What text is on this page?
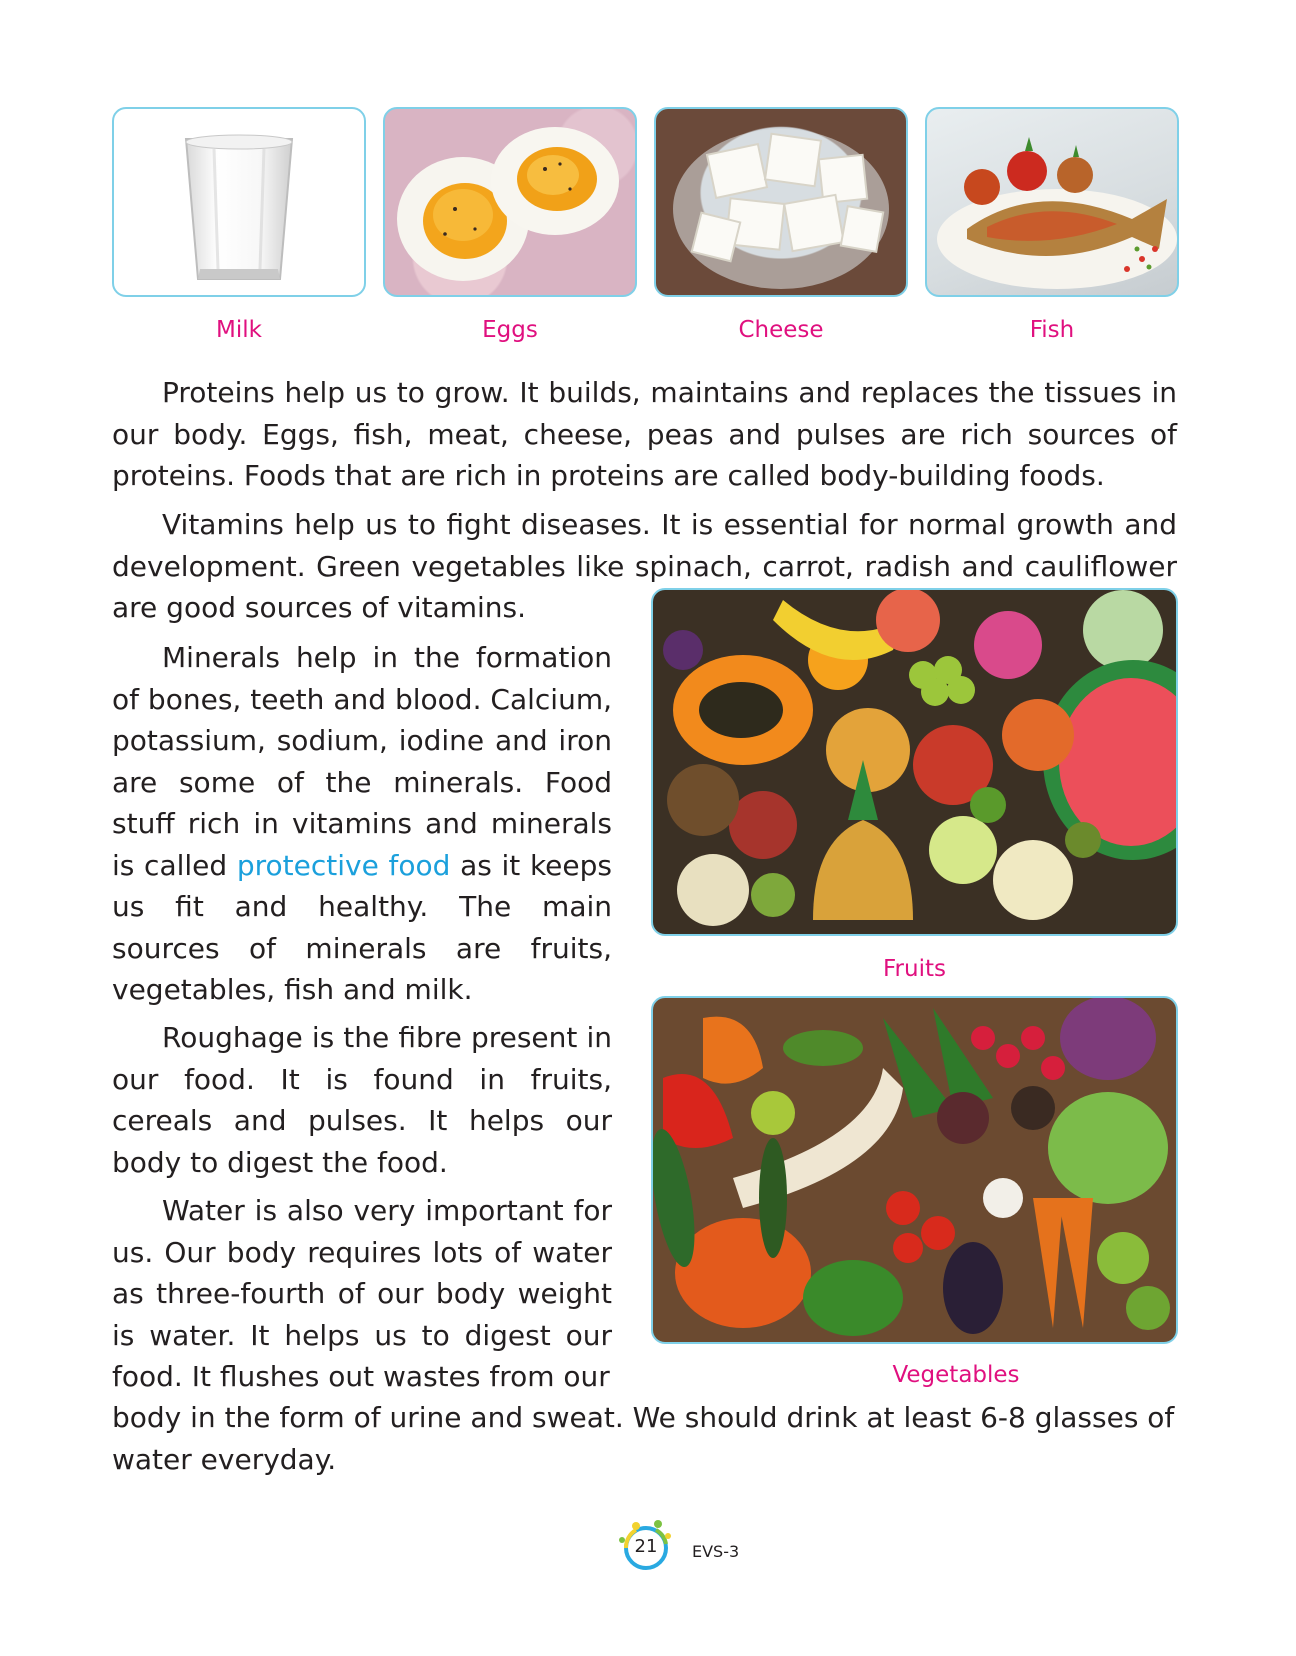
Milk	Eggs	Cheese	Fish

Proteins help us to grow. It builds, maintains and replaces the tissues in our body. Eggs, fish, meat, cheese, peas and pulses are rich sources of proteins. Foods that are rich in proteins are called body-building foods.

Vitamins help us to fight diseases. It is essential for normal growth and development. Green vegetables like spinach, carrot, radish and cauliflower are good sources of vitamins.

Minerals help in the formation of bones, teeth and blood. Calcium, potassium, sodium, iodine and iron are some of the minerals. Food stuff rich in vitamins and minerals is called protective food as it keeps us fit and healthy. The main sources of minerals are fruits, vegetables, fish and milk.

Roughage is the fibre present in our food. It is found in fruits, cereals and pulses. It helps our body to digest the food.

Water is also very important for us. Our body requires lots of water as three-fourth of our body weight is water. It helps us to digest our food. It flushes out wastes from our

body in the form of urine and sweat. We should drink at least 6-8 glasses of water everyday.

Fruits
Vegetables
21	EVS-3
